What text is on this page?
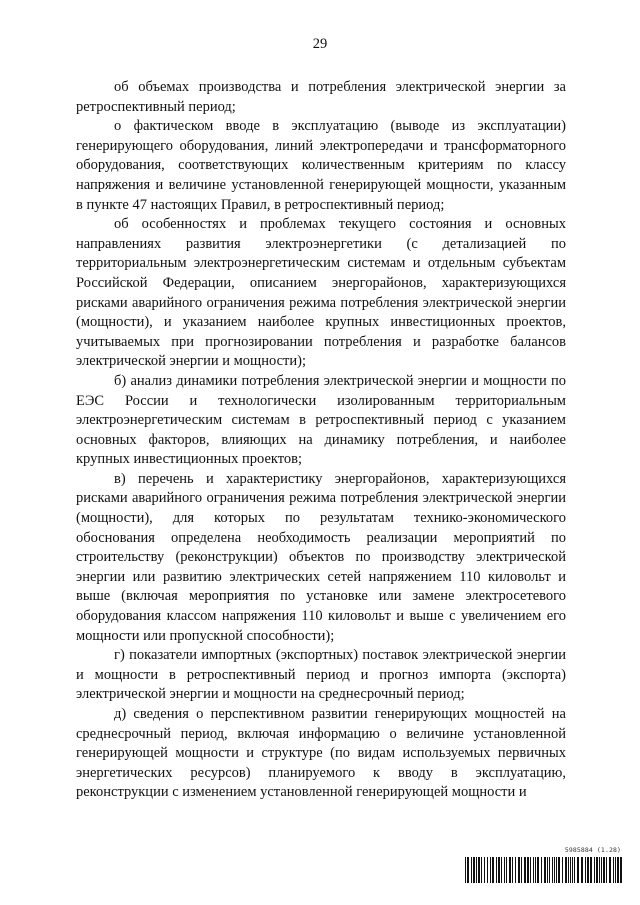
29

об объемах производства и потребления электрической энергии за ретроспективный период;

о фактическом вводе в эксплуатацию (выводе из эксплуатации) генерирующего оборудования, линий электропередачи и трансформаторного оборудования, соответствующих количественным критериям по классу напряжения и величине установленной генерирующей мощности, указанным в пункте 47 настоящих Правил, в ретроспективный период;

об особенностях и проблемах текущего состояния и основных направлениях развития электроэнергетики (с детализацией по территориальным электроэнергетическим системам и отдельным субъектам Российской Федерации, описанием энергорайонов, характеризующихся рисками аварийного ограничения режима потребления электрической энергии (мощности), и указанием наиболее крупных инвестиционных проектов, учитываемых при прогнозировании потребления и разработке балансов электрической энергии и мощности);

б) анализ динамики потребления электрической энергии и мощности по ЕЭС России и технологически изолированным территориальным электроэнергетическим системам в ретроспективный период с указанием основных факторов, влияющих на динамику потребления, и наиболее крупных инвестиционных проектов;

в) перечень и характеристику энергорайонов, характеризующихся рисками аварийного ограничения режима потребления электрической энергии (мощности), для которых по результатам технико-экономического обоснования определена необходимость реализации мероприятий по строительству (реконструкции) объектов по производству электрической энергии или развитию электрических сетей напряжением 110 киловольт и выше (включая мероприятия по установке или замене электросетевого оборудования классом напряжения 110 киловольт и выше с увеличением его мощности или пропускной способности);

г) показатели импортных (экспортных) поставок электрической энергии и мощности в ретроспективный период и прогноз импорта (экспорта) электрической энергии и мощности на среднесрочный период;

д) сведения о перспективном развитии генерирующих мощностей на среднесрочный период, включая информацию о величине установленной генерирующей мощности и структуре (по видам используемых первичных энергетических ресурсов) планируемого к вводу в эксплуатацию, реконструкции с изменением установленной генерирующей мощности и

5985884 (1.28)
